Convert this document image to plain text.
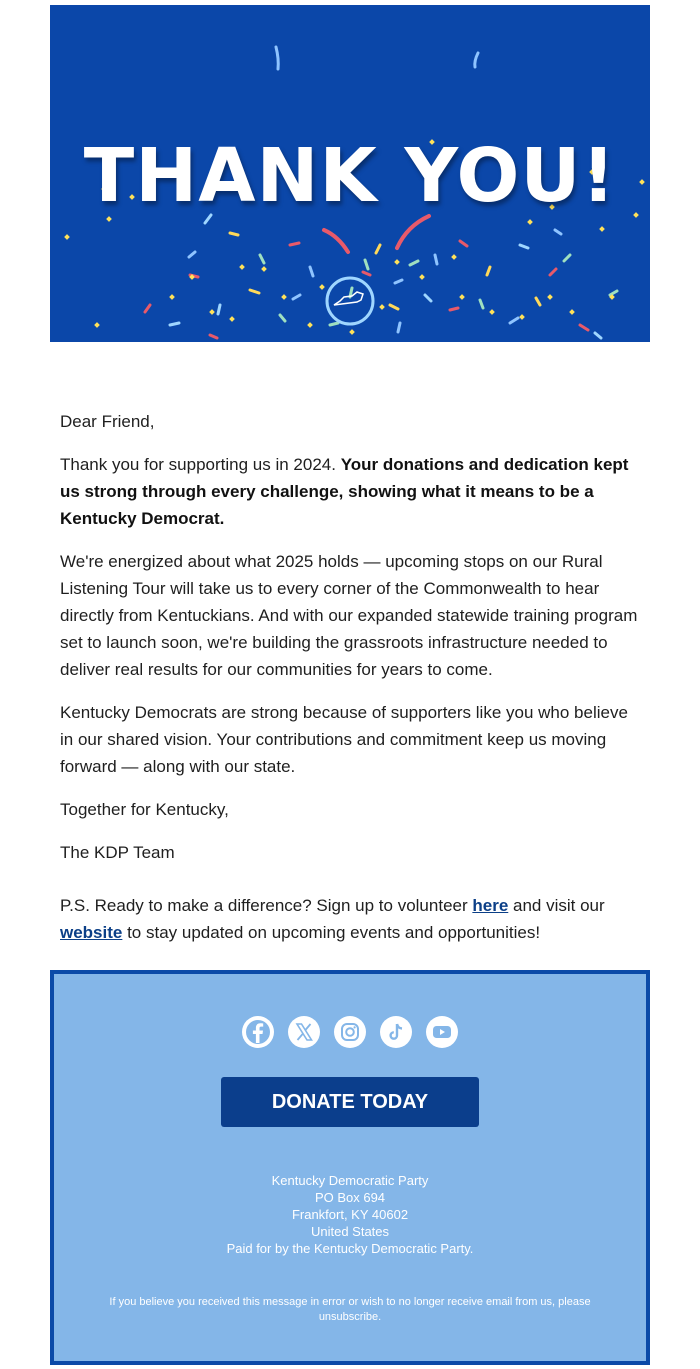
THANK YOU!

Dear Friend,

Thank you for supporting us in 2024. Your donations and dedication kept us strong through every challenge, showing what it means to be a Kentucky Democrat.

We're energized about what 2025 holds — upcoming stops on our Rural Listening Tour will take us to every corner of the Commonwealth to hear directly from Kentuckians. And with our expanded statewide training program set to launch soon, we're building the grassroots infrastructure needed to deliver real results for our communities for years to come.

Kentucky Democrats are strong because of supporters like you who believe in our shared vision. Your contributions and commitment keep us moving forward — along with our state.

Together for Kentucky,

The KDP Team

P.S. Ready to make a difference? Sign up to volunteer here and visit our website to stay updated on upcoming events and opportunities!

DONATE TODAY
Kentucky Democratic Party
PO Box 694
Frankfort, KY 40602
United States
Paid for by the Kentucky Democratic Party.
If you believe you received this message in error or wish to no longer receive email from us, please unsubscribe.
